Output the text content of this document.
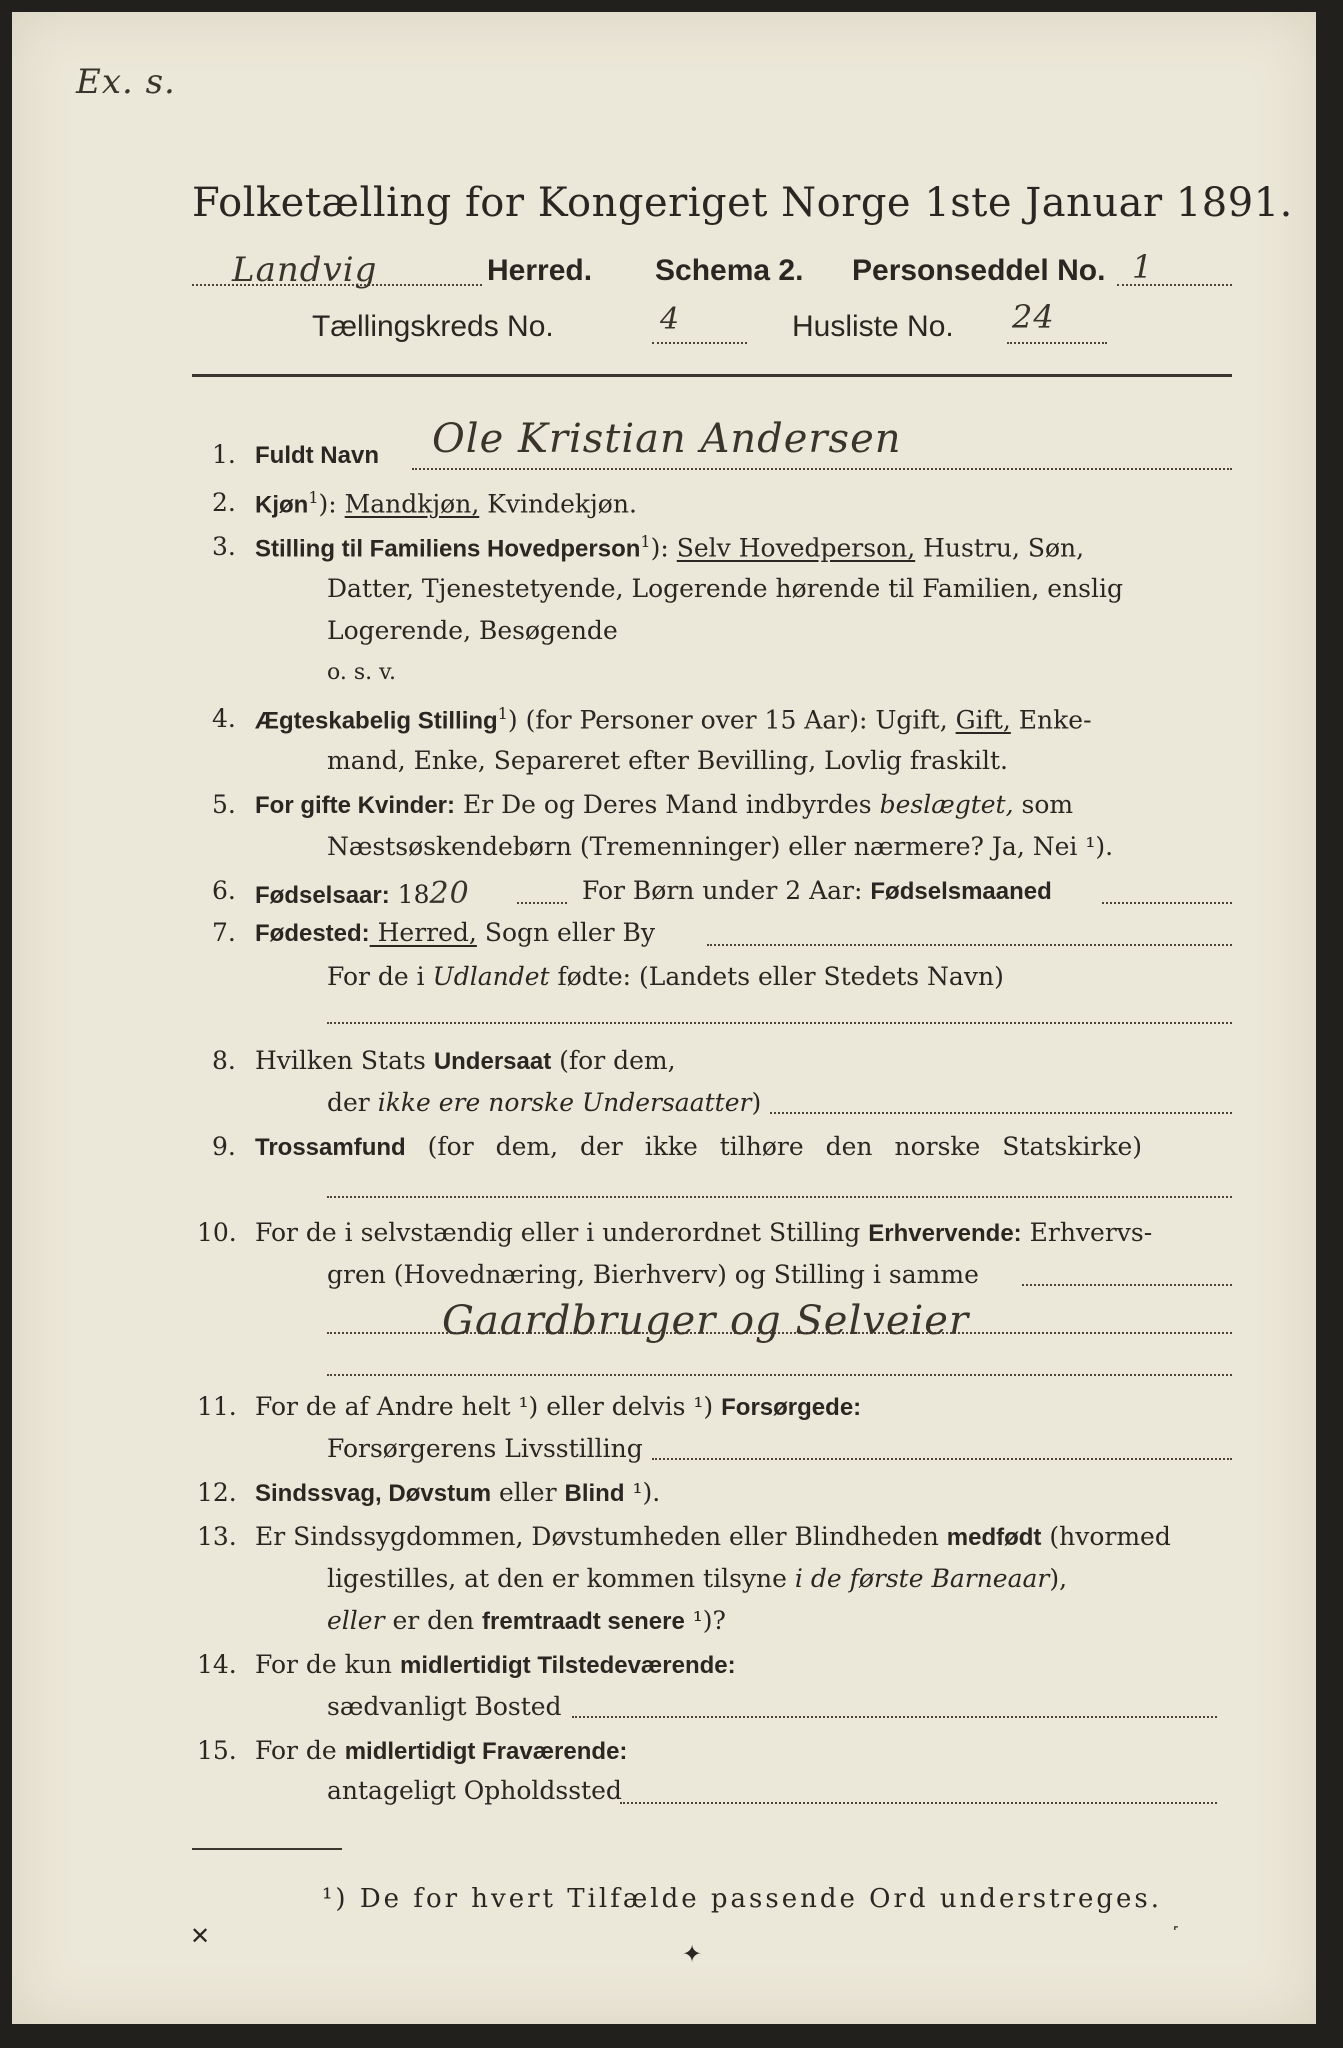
Ex. s.
Folketælling for Kongeriget Norge 1ste Januar 1891.
Landvig	Herred. Schema 2. Personseddel No. 1
Tællingskreds No.	4	Husliste No. 24
1. Fuldt Navn Ole Kristian Andersen
2. Kjøn$^1$): Mandkjøn, Kvindekjøn.
3. Stilling til Familiens Hovedperson$^1$): Selv Hovedperson, Hustru, Søn,
Datter, Tjenestetyende, Logerende hørende til Familien, enslig
Logerende, Besøgende
o. s. v.
4. Ægteskabelig Stilling$^1$) (for Personer over 15 Aar): Ugift, Gift, Enke-
mand, Enke, Separeret efter Bevilling, Lovlig fraskilt.
5. For gifte Kvinder: Er De og Deres Mand indbyrdes beslægtet, som
Næstsøskendebørn (Tremenninger) eller nærmere? Ja, Nei ¹).
6. Fødselsaar: 1820	For Børn under 2 Aar: Fødselsmaaned
7. Fødested: Herred, Sogn eller By
For de i Udlandet fødte: (Landets eller Stedets Navn)
8. Hvilken Stats Undersaat (for dem,
der ikke ere norske Undersaatter)
9. Trossamfund (for dem, der ikke tilhøre den norske Statskirke)
10. For de i selvstændig eller i underordnet Stilling Erhvervende: Erhvervs-
gren (Hovednæring, Bierhverv) og Stilling i samme
Gaardbruger og Selveier
11. For de af Andre helt ¹) eller delvis ¹) Forsørgede:
Forsørgerens Livsstilling
12. Sindssvag, Døvstum eller Blind ¹).
13. Er Sindssygdommen, Døvstumheden eller Blindheden medfødt (hvormed
ligestilles, at den er kommen tilsyne i de første Barneaar),
eller er den fremtraadt senere ¹)?
14. For de kun midlertidigt Tilstedeværende:
sædvanligt Bosted
15. For de midlertidigt Fraværende:
antageligt Opholdssted
¹) De for hvert Tilfælde passende Ord understreges.
✕
✦
˹
